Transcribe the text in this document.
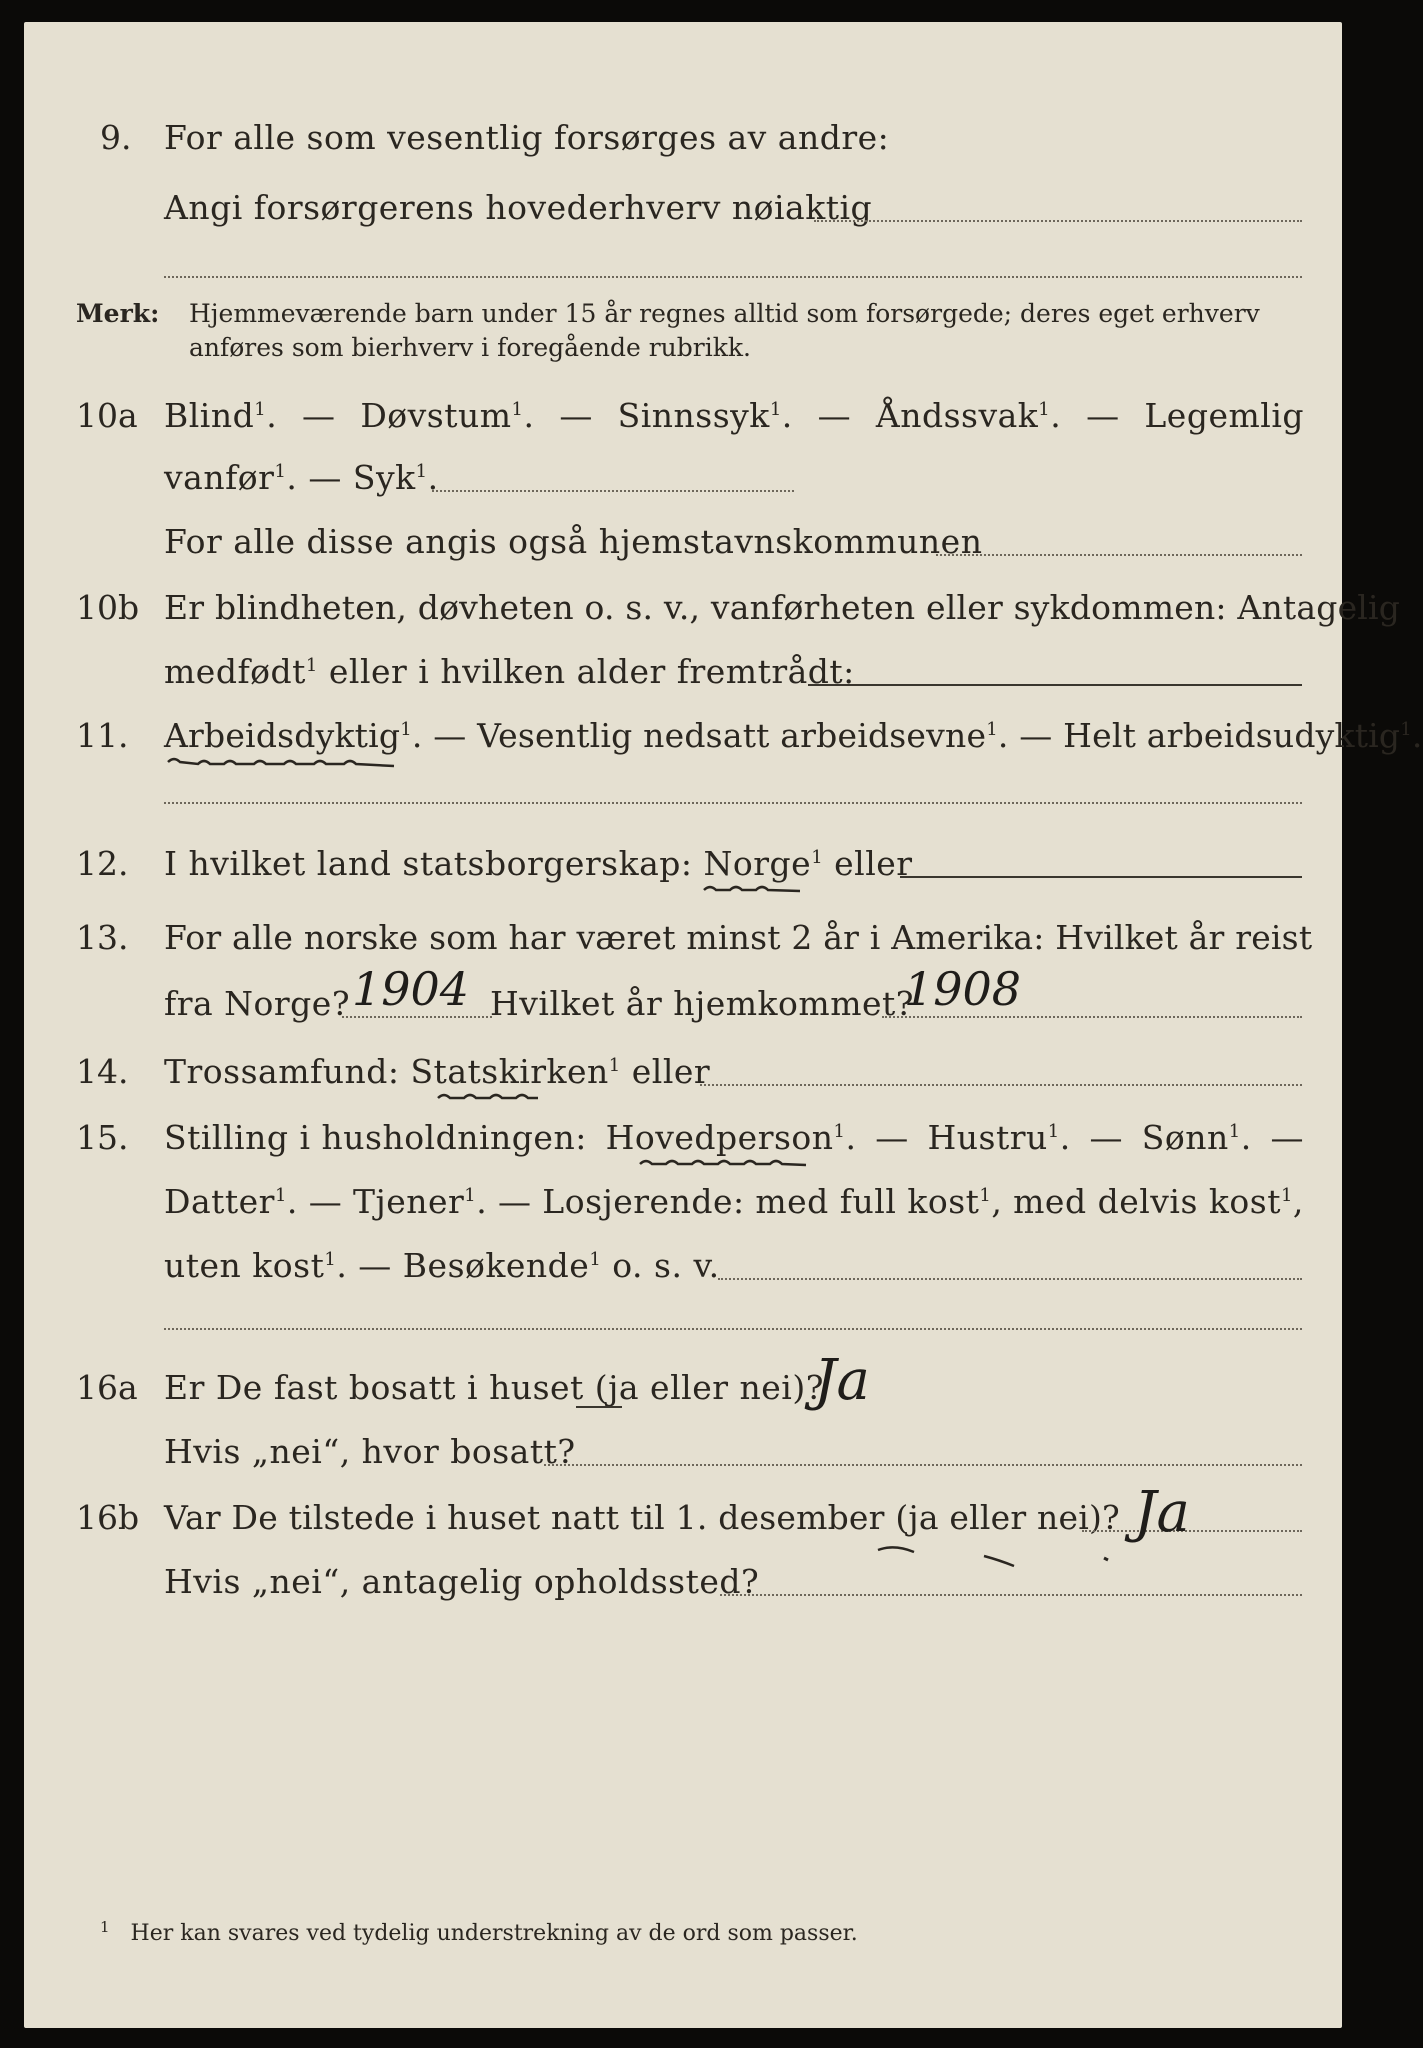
9. For alle som vesentlig forsørges av andre:
Angi forsørgerens hovederhverv nøiaktig
Merk: Hjemmeværende barn under 15 år regnes alltid som forsørgede; deres eget erhverv
anføres som bierhverv i foregående rubrikk.
10a Blind$^1$. — Døvstum$^1$. — Sinnssyk$^1$. — Åndssvak$^1$. — Legemlig
vanfør$^1$. — Syk$^1$.
For alle disse angis også hjemstavnskommunen
10b Er blindheten, døvheten o. s. v., vanførheten eller sykdommen: Antagelig
medfødt$^1$ eller i hvilken alder fremtrådt:
11. Arbeidsdyktig$^1$. — Vesentlig nedsatt arbeidsevne$^1$. — Helt arbeidsudyktig$^1$.
12. I hvilket land statsborgerskap: Norge$^1$ eller
13. For alle norske som har været minst 2 år i Amerika: Hvilket år reist
fra Norge? 1904 Hvilket år hjemkommet?
1908
14. Trossamfund: Statskirken$^1$ eller
15. Stilling i husholdningen: Hovedperson$^1$. — Hustru$^1$. — Sønn$^1$. —
Datter$^1$. — Tjener$^1$. — Losjerende: med full kost$^1$, med delvis kost$^1$,
uten kost$^1$. — Besøkende$^1$ o. s. v.
16a Er De fast bosatt i huset (ja eller nei)?
Ja
Hvis „nei“, hvor bosatt?
16b Var De tilstede i huset natt til 1. desember (ja eller nei)? Ja
Hvis „nei“, antagelig opholdssted?
$^1$ Her kan svares ved tydelig understrekning av de ord som passer.
